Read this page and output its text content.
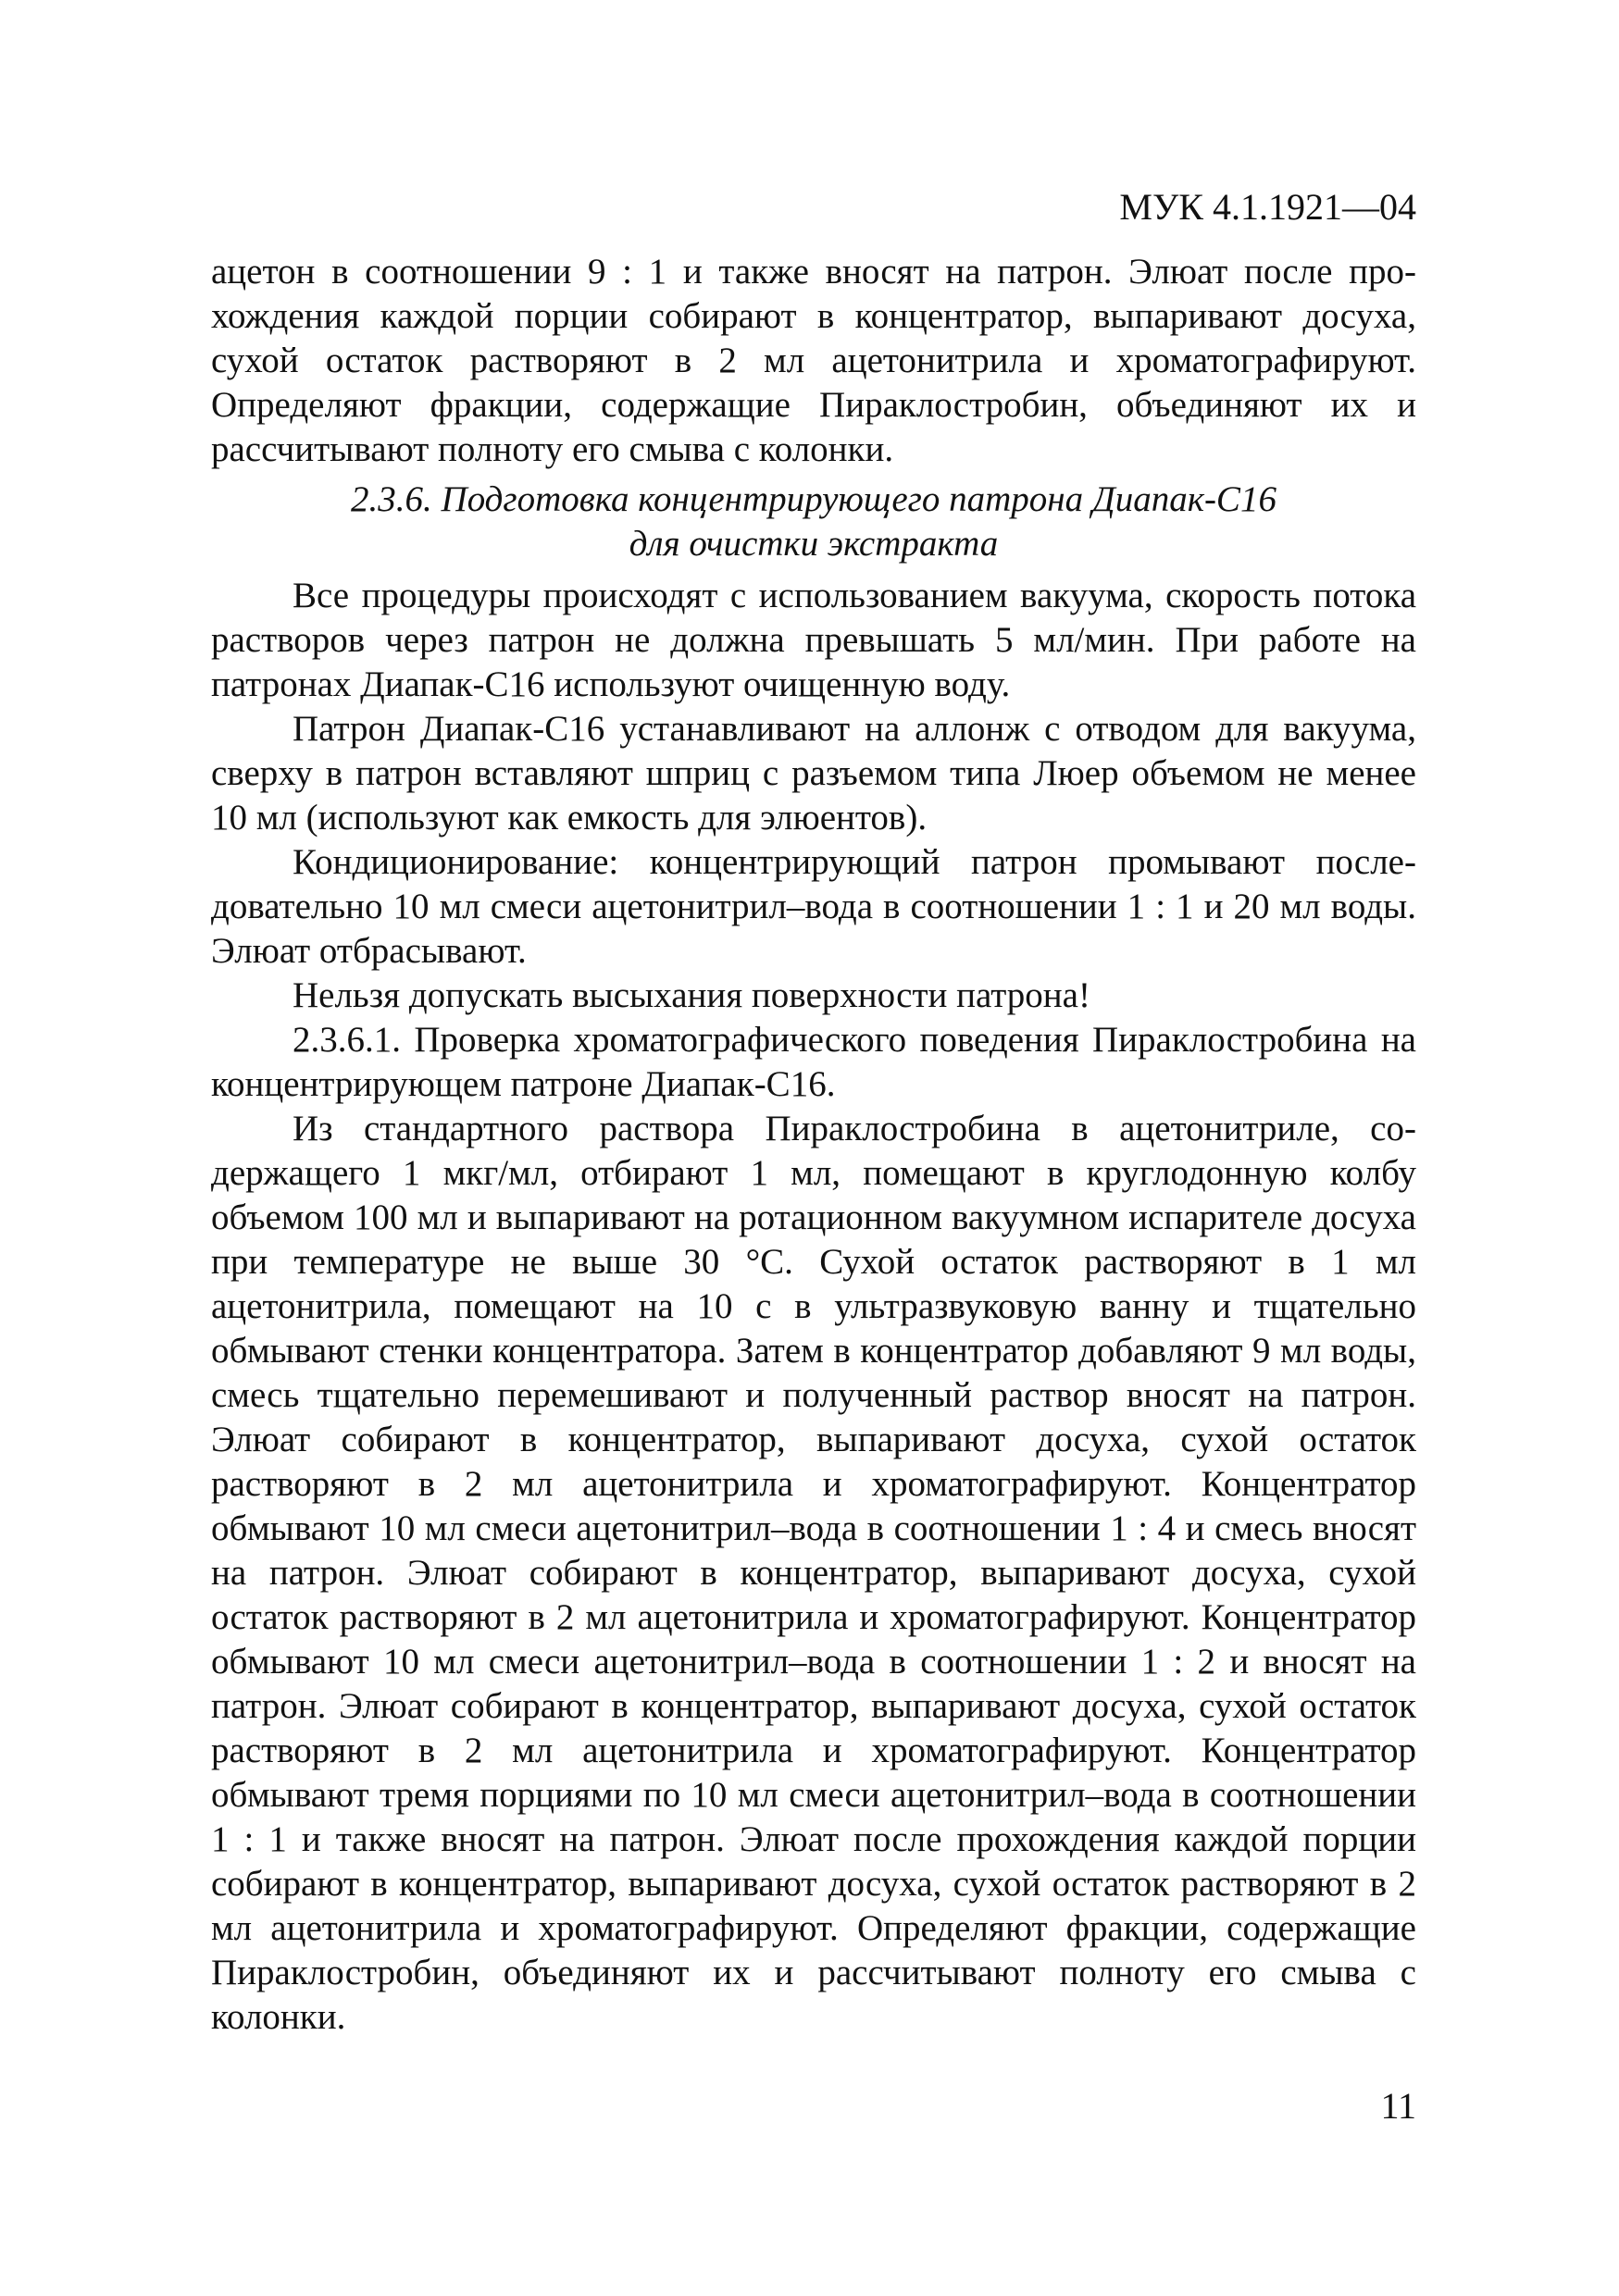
МУК 4.1.1921—04

ацетон в соотношении 9 : 1 и также вносят на патрон. Элюат после прохождения каждой порции собирают в концентратор, выпаривают досуха, сухой остаток растворяют в 2 мл ацетонитрила и хроматографируют. Определяют фракции, содержащие Пираклостробин, объединяют их и рассчитывают полноту его смыва с колонки.

2.3.6. Подготовка концентрирующего патрона Диапак-С16
для очистки экстракта

Все процедуры происходят с использованием вакуума, скорость потока растворов через патрон не должна превышать 5 мл/мин. При работе на патронах Диапак-С16 используют очищенную воду.

Патрон Диапак-С16 устанавливают на аллонж с отводом для вакуума, сверху в патрон вставляют шприц с разъемом типа Люер объемом не менее 10 мл (используют как емкость для элюентов).

Кондиционирование: концентрирующий патрон промывают последовательно 10 мл смеси ацетонитрил–вода в соотношении 1 : 1 и 20 мл воды. Элюат отбрасывают.

Нельзя допускать высыхания поверхности патрона!

2.3.6.1. Проверка хроматографического поведения Пираклостробина на концентрирующем патроне Диапак-С16.

Из стандартного раствора Пираклостробина в ацетонитриле, содержащего 1 мкг/мл, отбирают 1 мл, помещают в круглодонную колбу объемом 100 мл и выпаривают на ротационном вакуумном испарителе досуха при температуре не выше 30 °С. Сухой остаток растворяют в 1 мл ацетонитрила, помещают на 10 с в ультразвуковую ванну и тщательно обмывают стенки концентратора. Затем в концентратор добавляют 9 мл воды, смесь тщательно перемешивают и полученный раствор вносят на патрон. Элюат собирают в концентратор, выпаривают досуха, сухой остаток растворяют в 2 мл ацетонитрила и хроматографируют. Концентратор обмывают 10 мл смеси ацетонитрил–вода в соотношении 1 : 4 и смесь вносят на патрон. Элюат собирают в концентратор, выпаривают досуха, сухой остаток растворяют в 2 мл ацетонитрила и хроматографируют. Концентратор обмывают 10 мл смеси ацетонитрил–вода в соотношении 1 : 2 и вносят на патрон. Элюат собирают в концентратор, выпаривают досуха, сухой остаток растворяют в 2 мл ацетонитрила и хроматографируют. Концентратор обмывают тремя порциями по 10 мл смеси ацетонитрил–вода в соотношении 1 : 1 и также вносят на патрон. Элюат после прохождения каждой порции собирают в концентратор, выпаривают досуха, сухой остаток растворяют в 2 мл ацетонитрила и хроматографируют. Определяют фракции, содержащие Пираклостробин, объединяют их и рассчитывают полноту его смыва с колонки.

11
